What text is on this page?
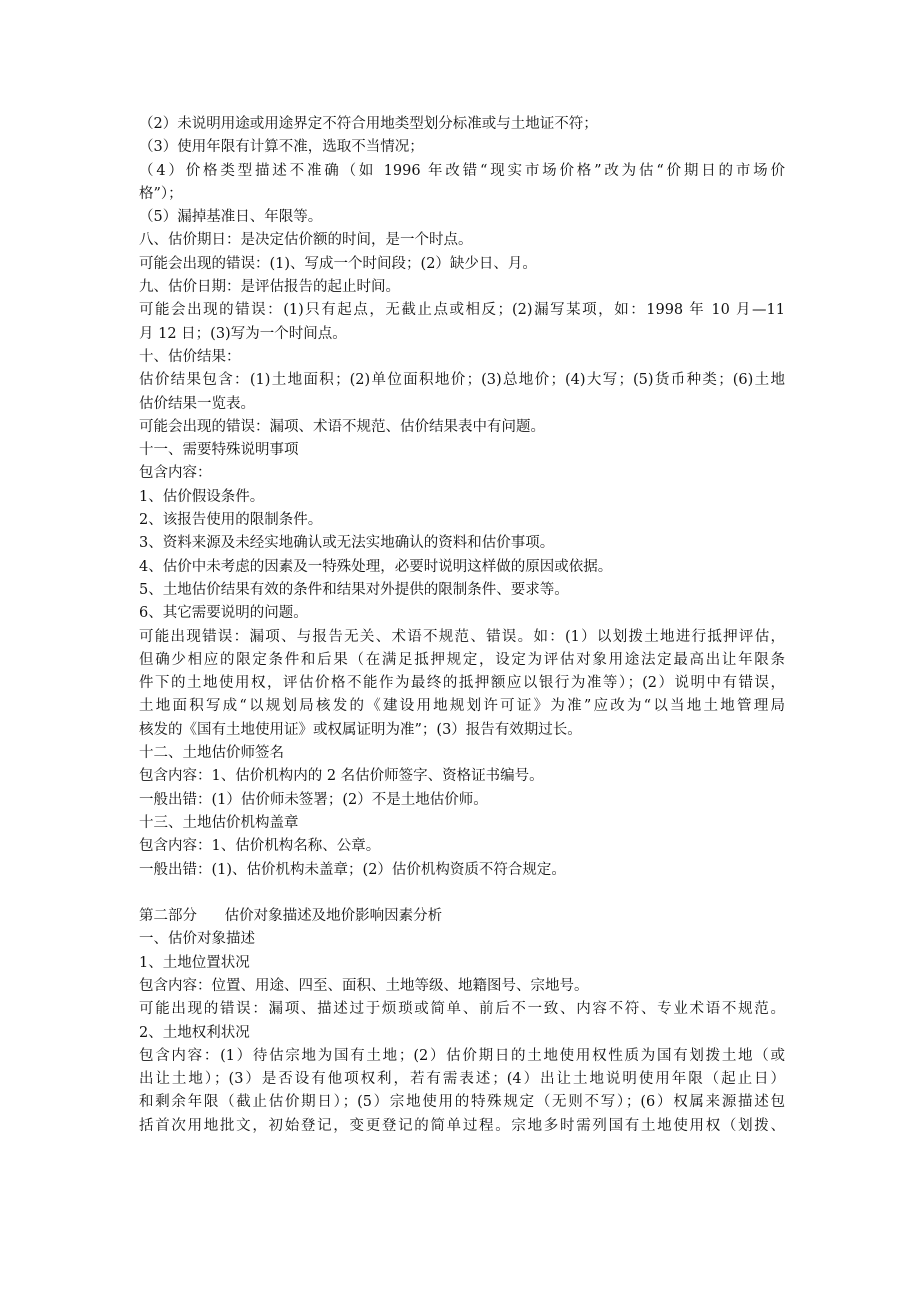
（2）未说明用途或用途界定不符合用地类型划分标准或与土地证不符；
（3）使用年限有计算不准，选取不当情况；
（4）价格类型描述不准确（如 1996 年改错“现实市场价格”改为估“价期日的市场价
格”）；
（5）漏掉基准日、年限等。
八、估价期日：是决定估价额的时间，是一个时点。
可能会出现的错误：(1)、写成一个时间段；(2）缺少日、月。
九、估价日期：是评估报告的起止时间。
可能会出现的错误：(1)只有起点，无截止点或相反；(2)漏写某项，如：1998 年 10 月—11
月 12 日；(3)写为一个时间点。
十、估价结果：
估价结果包含：(1)土地面积；(2)单位面积地价；(3)总地价；(4)大写；(5)货币种类；(6)土地
估价结果一览表。
可能会出现的错误：漏项、术语不规范、估价结果表中有问题。
十一、需要特殊说明事项
包含内容：
1、估价假设条件。
2、该报告使用的限制条件。
3、资料来源及未经实地确认或无法实地确认的资料和估价事项。
4、估价中未考虑的因素及一特殊处理，必要时说明这样做的原因或依据。
5、土地估价结果有效的条件和结果对外提供的限制条件、要求等。
6、其它需要说明的问题。
可能出现错误：漏项、与报告无关、术语不规范、错误。如：(1）以划拨土地进行抵押评估，
但确少相应的限定条件和后果（在满足抵押规定，设定为评估对象用途法定最高出让年限条
件下的土地使用权，评估价格不能作为最终的抵押额应以银行为准等）；(2）说明中有错误，
土地面积写成“以规划局核发的《建设用地规划许可证》为准”应改为“以当地土地管理局
核发的《国有土地使用证》或权属证明为准”；(3）报告有效期过长。
十二、土地估价师签名
包含内容：1、估价机构内的 2 名估价师签字、资格证书编号。
一般出错：(1）估价师未签署；(2）不是土地估价师。
十三、土地估价机构盖章
包含内容：1、估价机构名称、公章。
一般出错：(1)、估价机构未盖章；(2）估价机构资质不符合规定。
第二部分      估价对象描述及地价影响因素分析
一、估价对象描述
1、土地位置状况
包含内容：位置、用途、四至、面积、土地等级、地籍图号、宗地号。
可能出现的错误：漏项、描述过于烦琐或简单、前后不一致、内容不符、专业术语不规范。
2、土地权利状况
包含内容：(1）待估宗地为国有土地；(2）估价期日的土地使用权性质为国有划拨土地（或
出让土地）；(3）是否设有他项权利，若有需表述；(4）出让土地说明使用年限（起止日）
和剩余年限（截止估价期日）；(5）宗地使用的特殊规定（无则不写）；(6）权属来源描述包
括首次用地批文，初始登记，变更登记的简单过程。宗地多时需列国有土地使用权（划拨、
